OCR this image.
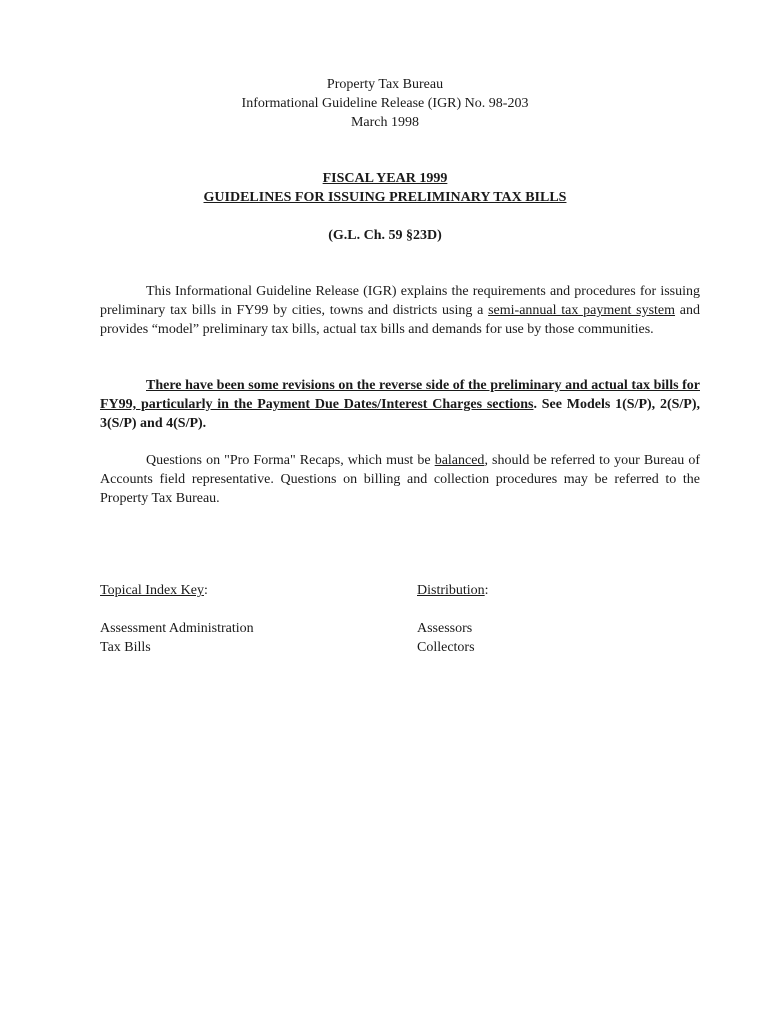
Property Tax Bureau
Informational Guideline Release (IGR) No. 98-203
March 1998
FISCAL YEAR 1999
GUIDELINES FOR ISSUING PRELIMINARY TAX BILLS
(G.L. Ch. 59 §23D)
This Informational Guideline Release (IGR) explains the requirements and procedures for issuing preliminary tax bills in FY99 by cities, towns and districts using a semi-annual tax payment system and provides “model” preliminary tax bills, actual tax bills and demands for use by those communities.
There have been some revisions on the reverse side of the preliminary and actual tax bills for FY99, particularly in the Payment Due Dates/Interest Charges sections. See Models 1(S/P), 2(S/P), 3(S/P) and 4(S/P).
Questions on "Pro Forma" Recaps, which must be balanced, should be referred to your Bureau of Accounts field representative. Questions on billing and collection procedures may be referred to the Property Tax Bureau.
Topical Index Key:
Assessment Administration
Tax Bills
Distribution:
Assessors
Collectors
